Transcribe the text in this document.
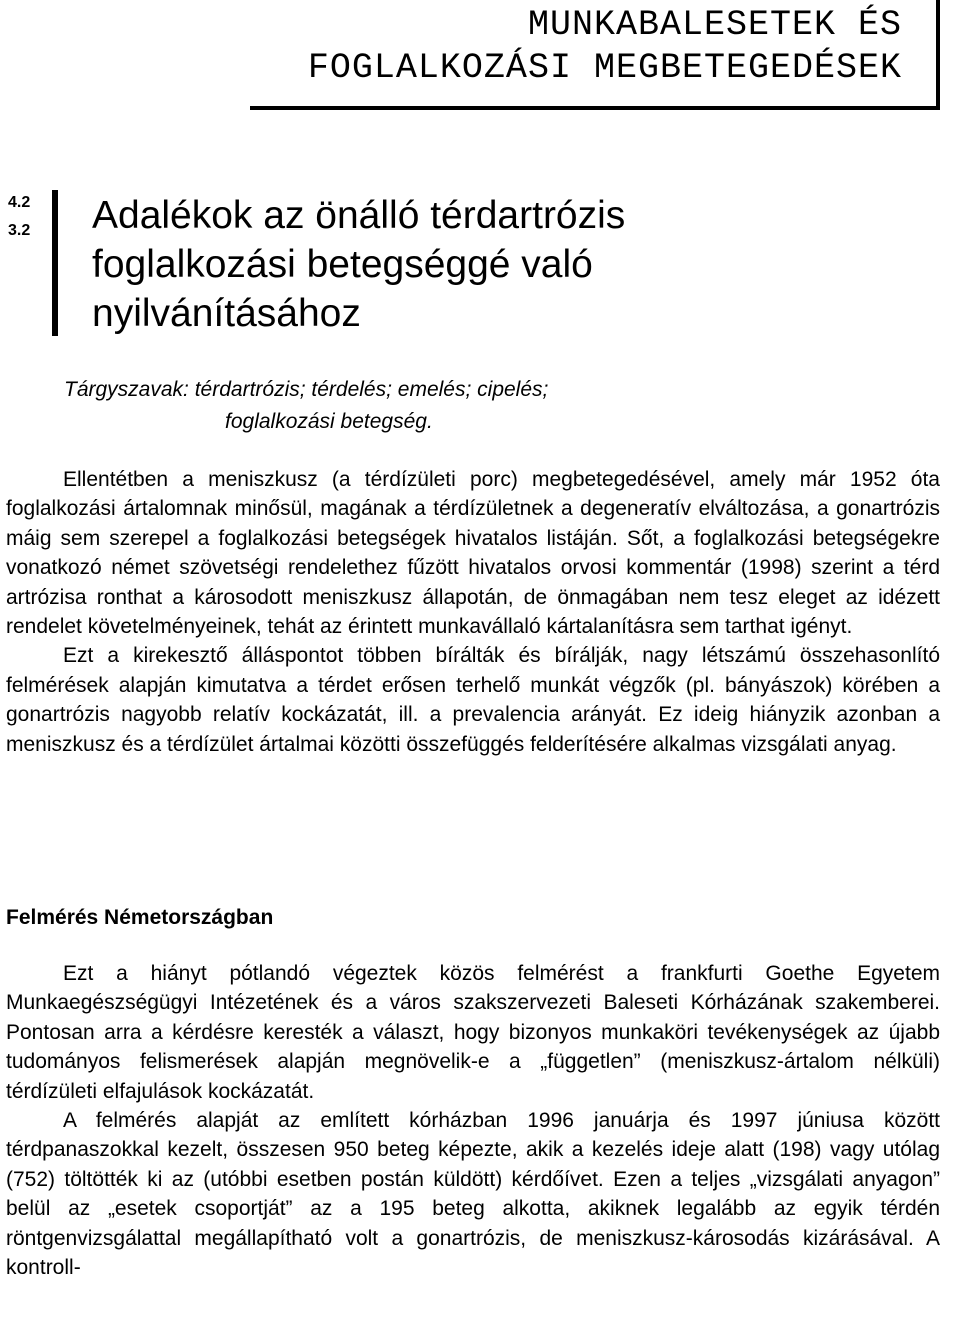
MUNKABALESETEK ÉS
FOGLALKOZÁSI MEGBETEGEDÉSEK
4.2
3.2 Adalékok az önálló térdartrózis
foglalkozási betegséggé való
nyilvánításához
Tárgyszavak: térdartrózis; térdelés; emelés; cipelés;
foglalkozási betegség.

Ellentétben a meniszkusz (a térdízületi porc) megbetegedésével, amely már 1952 óta foglalkozási ártalomnak minősül, magának a térdízületnek a degeneratív elváltozása, a gonartrózis máig sem szerepel a foglalkozási betegségek hivatalos listáján. Sőt, a foglalkozási betegségekre vonatkozó német szövetségi rendelethez fűzött hivatalos orvosi kommentár (1998) szerint a térd artrózisa ronthat a károsodott meniszkusz állapotán, de önmagában nem tesz eleget az idézett rendelet követelményeinek, tehát az érintett munkavállaló kártalanításra sem tarthat igényt.

Ezt a kirekesztő álláspontot többen bírálták és bírálják, nagy létszámú összehasonlító felmérések alapján kimutatva a térdet erősen terhelő munkát végzők (pl. bányászok) körében a gonartrózis nagyobb relatív kockázatát, ill. a prevalencia arányát. Ez ideig hiányzik azonban a meniszkusz és a térdízület ártalmai közötti összefüggés felderítésére alkalmas vizsgálati anyag.

Felmérés Németországban

Ezt a hiányt pótlandó végeztek közös felmérést a frankfurti Goethe Egyetem Munkaegészségügyi Intézetének és a város szakszervezeti Baleseti Kórházának szakemberei. Pontosan arra a kérdésre keresték a választ, hogy bizonyos munkaköri tevékenységek az újabb tudományos felismerések alapján megnövelik-e a „független” (meniszkusz-ártalom nélküli) térdízületi elfajulások kockázatát.

A felmérés alapját az említett kórházban 1996 januárja és 1997 júniusa között térdpanaszokkal kezelt, összesen 950 beteg képezte, akik a kezelés ideje alatt (198) vagy utólag (752) töltötték ki az (utóbbi esetben postán küldött) kérdőívet. Ezen a teljes „vizsgálati anyagon” belül az „esetek csoportját” az a 195 beteg alkotta, akiknek legalább az egyik térdén röntgenvizsgálattal megállapítható volt a gonartrózis, de meniszkusz-károsodás kizárásával. A kontroll-
